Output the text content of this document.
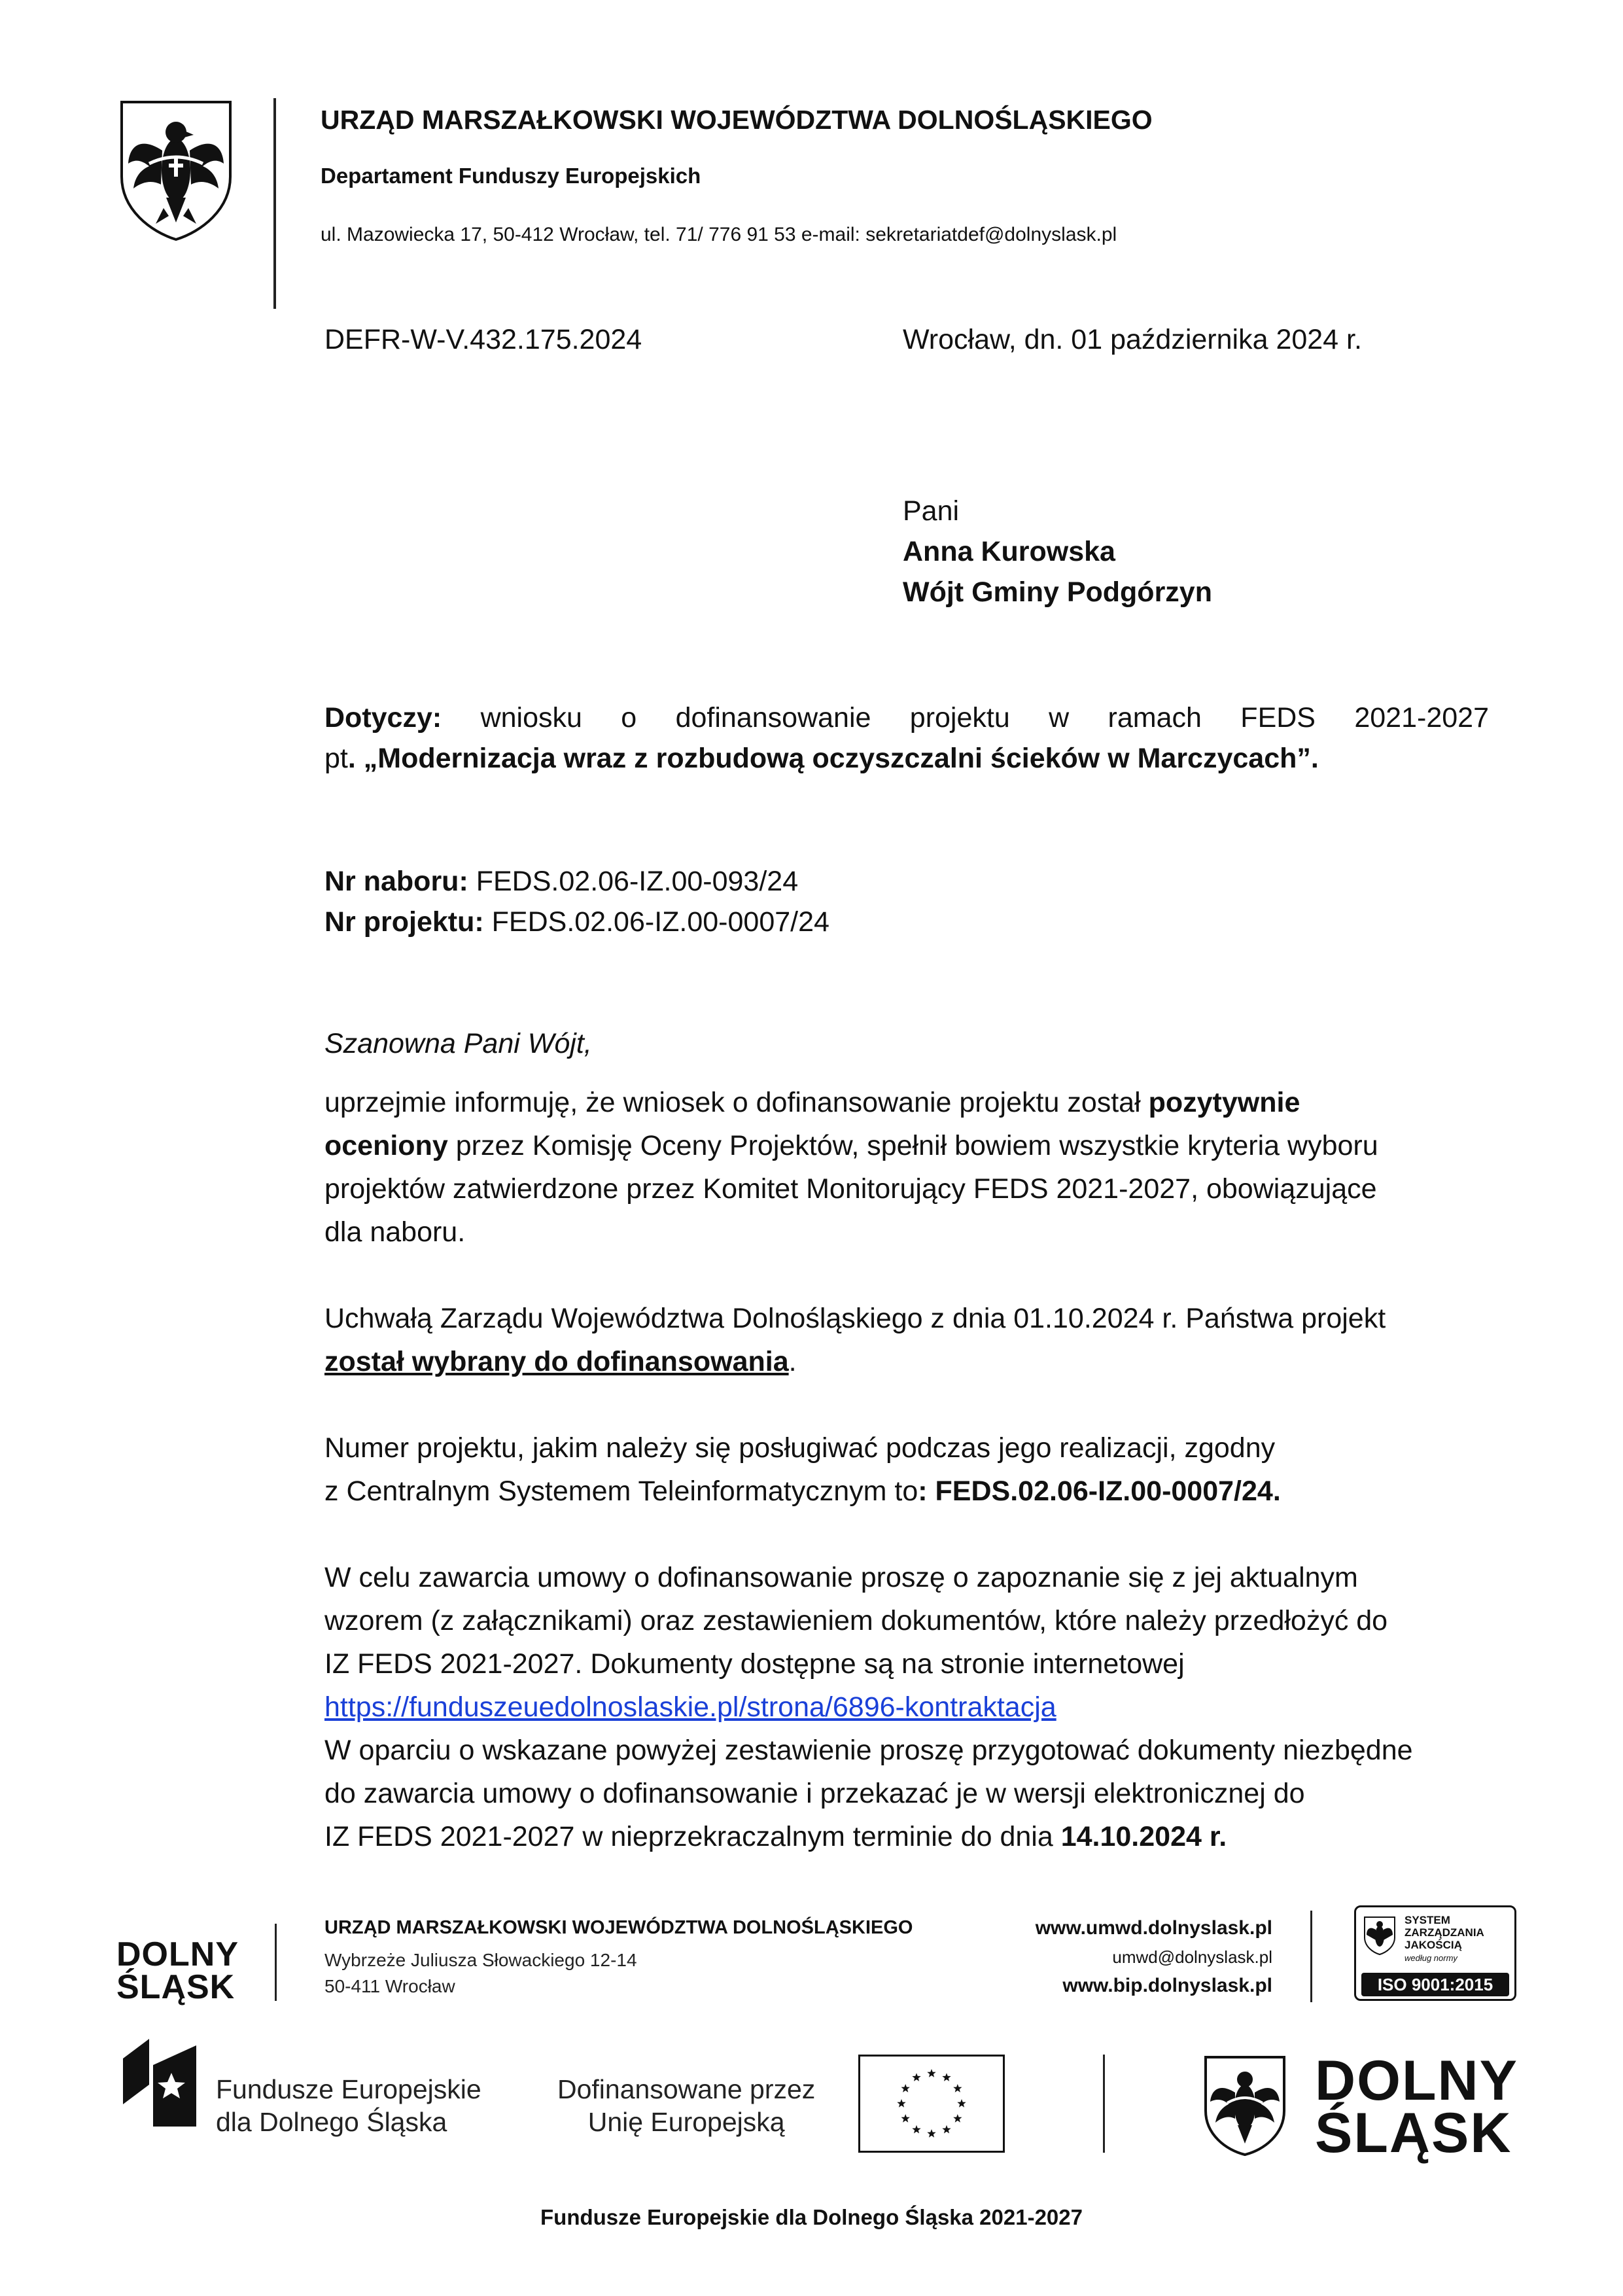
URZĄD MARSZAŁKOWSKI WOJEWÓDZTWA DOLNOŚLĄSKIEGO
Departament Funduszy Europejskich
ul. Mazowiecka 17, 50-412 Wrocław, tel. 71/ 776 91 53 e-mail: sekretariatdef@dolnyslask.pl
DEFR-W-V.432.175.2024	Wrocław, dn. 01 października 2024 r.
Pani
Anna Kurowska
Wójt Gminy Podgórzyn
Dotyczy: wniosku o dofinansowanie projektu w ramach FEDS 2021-2027
pt. „Modernizacja wraz z rozbudową oczyszczalni ścieków w Marczycach”.
Nr naboru: FEDS.02.06-IZ.00-093/24
Nr projektu: FEDS.02.06-IZ.00-0007/24
Szanowna Pani Wójt,
uprzejmie informuję, że wniosek o dofinansowanie projektu został pozytywnie
oceniony przez Komisję Oceny Projektów, spełnił bowiem wszystkie kryteria wyboru
projektów zatwierdzone przez Komitet Monitorujący FEDS 2021-2027, obowiązujące
dla naboru.
Uchwałą Zarządu Województwa Dolnośląskiego z dnia 01.10.2024 r. Państwa projekt
został wybrany do dofinansowania.
Numer projektu, jakim należy się posługiwać podczas jego realizacji, zgodny
z Centralnym Systemem Teleinformatycznym to: FEDS.02.06-IZ.00-0007/24.
W celu zawarcia umowy o dofinansowanie proszę o zapoznanie się z jej aktualnym
wzorem (z załącznikami) oraz zestawieniem dokumentów, które należy przedłożyć do
IZ FEDS 2021-2027. Dokumenty dostępne są na stronie internetowej
https://funduszeuedolnoslaskie.pl/strona/6896-kontraktacja
W oparciu o wskazane powyżej zestawienie proszę przygotować dokumenty niezbędne
do zawarcia umowy o dofinansowanie i przekazać je w wersji elektronicznej do
IZ FEDS 2021-2027 w nieprzekraczalnym terminie do dnia 14.10.2024 r.
DOLNY
ŚLĄSK
URZĄD MARSZAŁKOWSKI WOJEWÓDZTWA DOLNOŚLĄSKIEGO
Wybrzeże Juliusza Słowackiego 12-14
50-411 Wrocław
www.umwd.dolnyslask.pl
umwd@dolnyslask.pl
www.bip.dolnyslask.pl
SYSTEM
ZARZĄDZANIA
JAKOŚCIĄ
według normy
ISO 9001:2015
Fundusze Europejskie
dla Dolnego Śląska
Dofinansowane przez
Unię Europejską
DOLNY
ŚLĄSK
Fundusze Europejskie dla Dolnego Śląska 2021-2027
